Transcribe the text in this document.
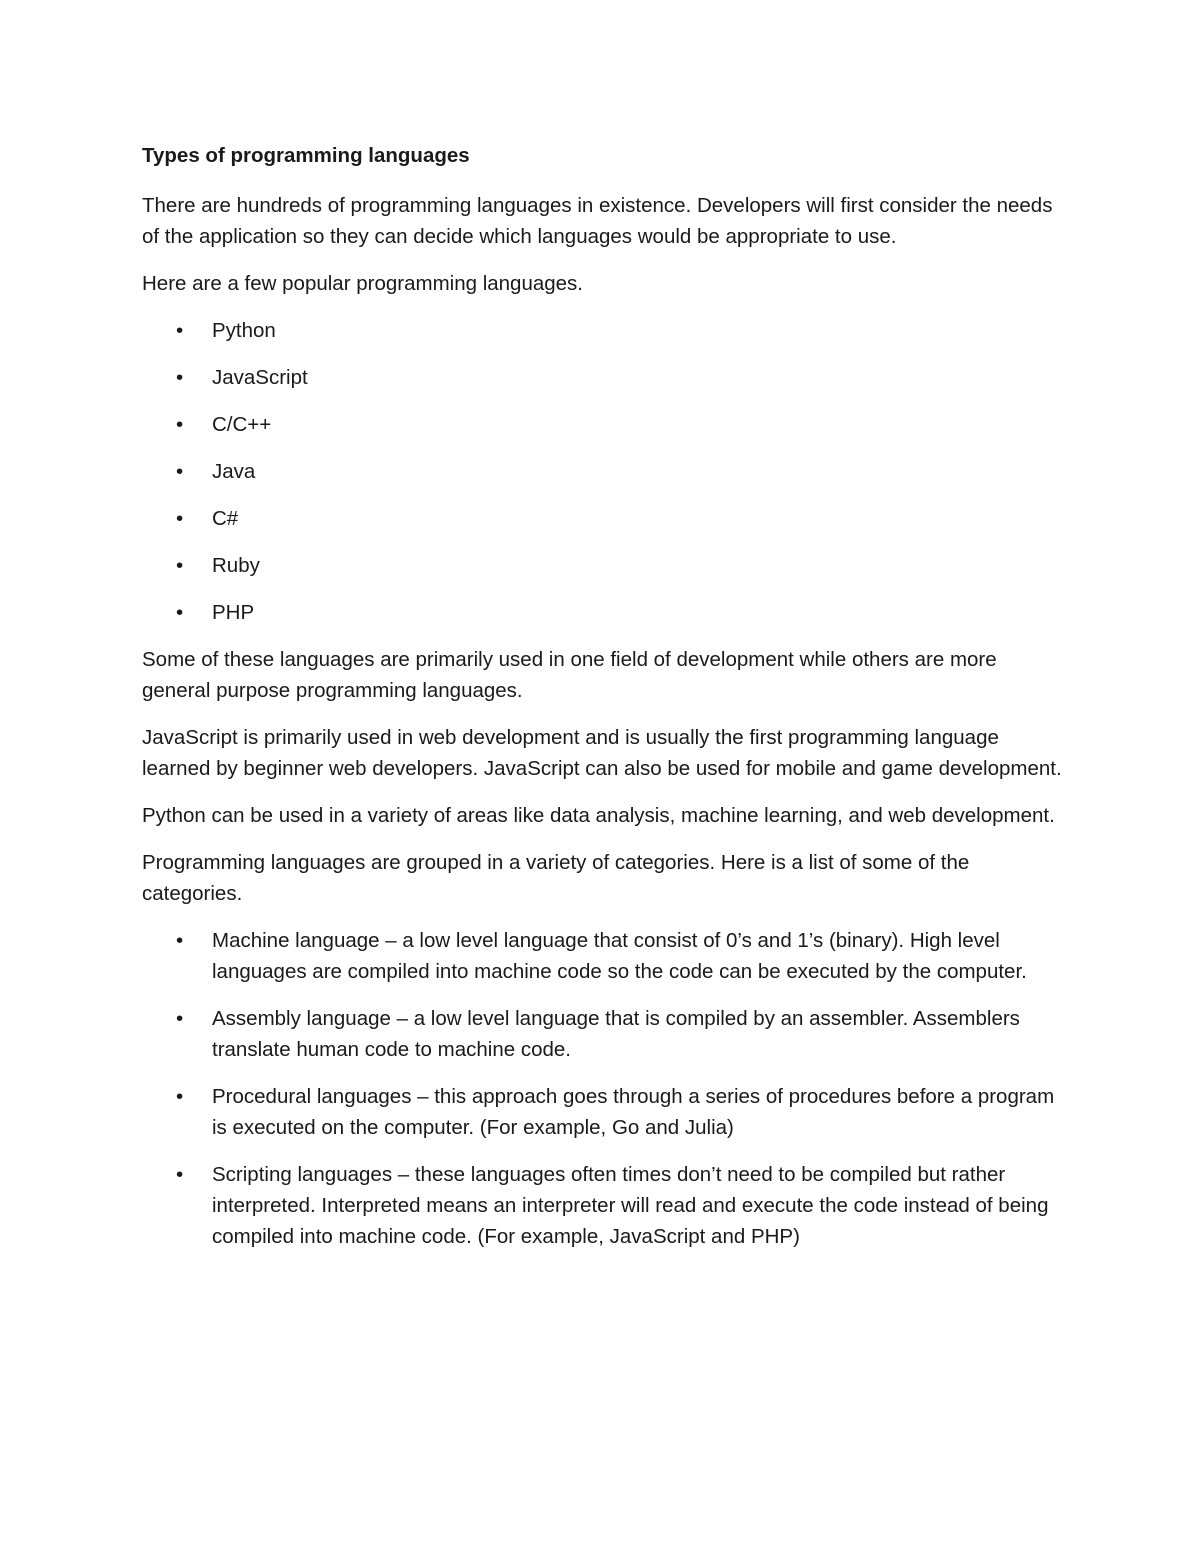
Types of programming languages

There are hundreds of programming languages in existence. Developers will first consider the needs of the application so they can decide which languages would be appropriate to use.

Here are a few popular programming languages.

• Python
• JavaScript
• C/C++
• Java
• C#
• Ruby
• PHP

Some of these languages are primarily used in one field of development while others are more general purpose programming languages.

JavaScript is primarily used in web development and is usually the first programming language learned by beginner web developers. JavaScript can also be used for mobile and game development.

Python can be used in a variety of areas like data analysis, machine learning, and web development.

Programming languages are grouped in a variety of categories. Here is a list of some of the categories.

• Machine language – a low level language that consist of 0’s and 1’s (binary). High level languages are compiled into machine code so the code can be executed by the computer.
• Assembly language – a low level language that is compiled by an assembler. Assemblers translate human code to machine code.
• Procedural languages – this approach goes through a series of procedures before a program is executed on the computer. (For example, Go and Julia)
• Scripting languages – these languages often times don’t need to be compiled but rather interpreted. Interpreted means an interpreter will read and execute the code instead of being compiled into machine code. (For example, JavaScript and PHP)
